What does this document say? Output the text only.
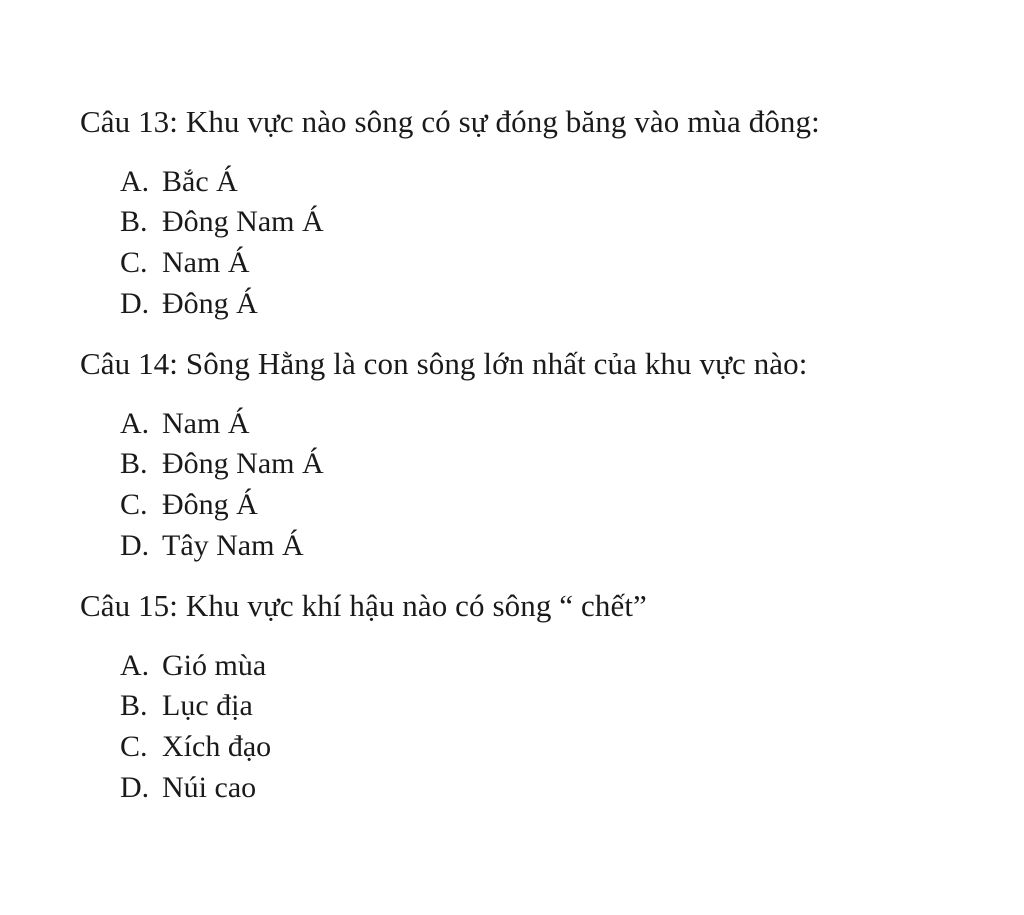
Câu 13: Khu vực nào sông có sự đóng băng vào mùa đông:
A. Bắc Á
B. Đông Nam Á
C. Nam Á
D. Đông Á
Câu 14: Sông Hằng là con sông lớn nhất của khu vực nào:
A. Nam Á
B. Đông Nam Á
C. Đông Á
D. Tây Nam Á
Câu 15: Khu vực khí hậu nào có sông “ chết”
A. Gió mùa
B. Lục địa
C. Xích đạo
D. Núi cao
